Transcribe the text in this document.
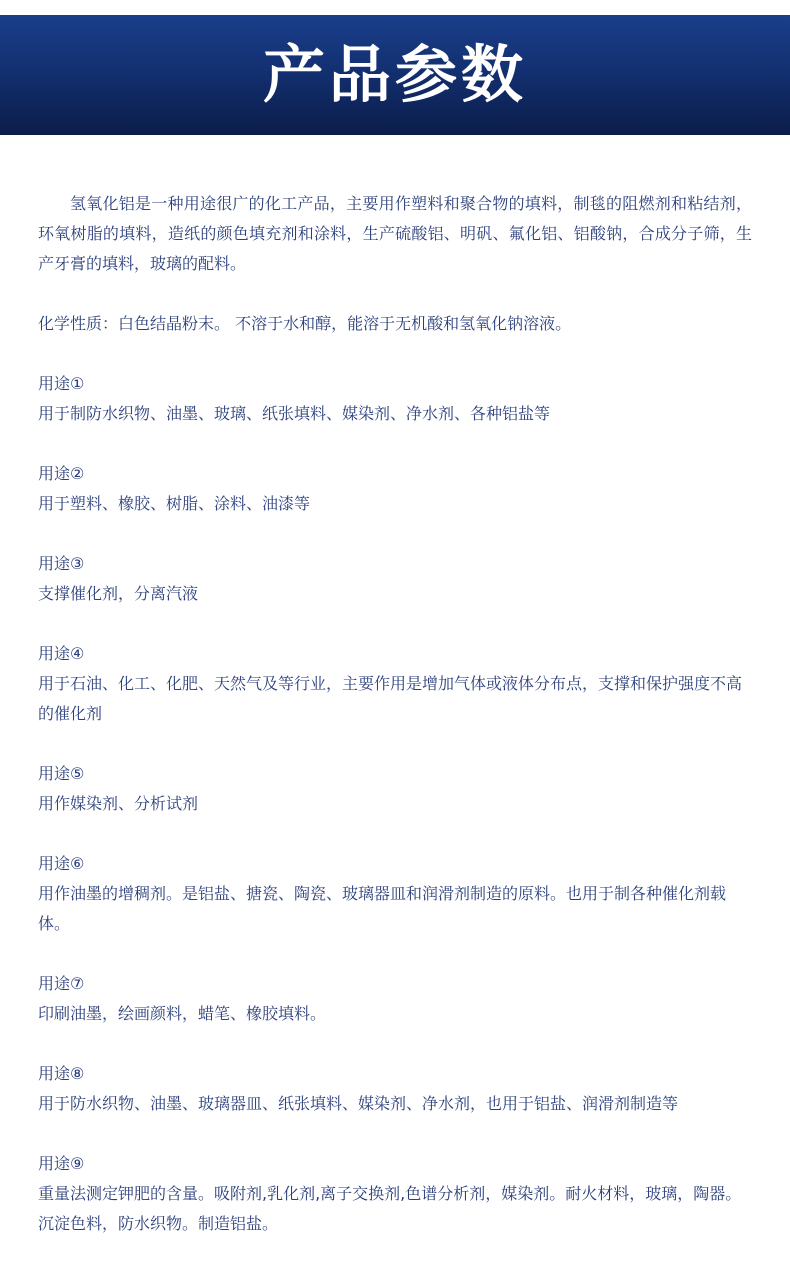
产品参数

氢氧化铝是一种用途很广的化工产品，主要用作塑料和聚合物的填料，制毯的阻燃剂和粘结剂，环氧树脂的填料，造纸的颜色填充剂和涂料，生产硫酸铝、明矾、氟化铝、铝酸钠，合成分子筛，生产牙膏的填料，玻璃的配料。

化学性质：白色结晶粉末。 不溶于水和醇，能溶于无机酸和氢氧化钠溶液。

用途①

用于制防水织物、油墨、玻璃、纸张填料、媒染剂、净水剂、各种铝盐等

用途②

用于塑料、橡胶、树脂、涂料、油漆等

用途③

支撑催化剂，分离汽液

用途④

用于石油、化工、化肥、天然气及等行业，主要作用是增加气体或液体分布点，支撑和保护强度不高的催化剂

用途⑤

用作媒染剂、分析试剂

用途⑥

用作油墨的增稠剂。是铝盐、搪瓷、陶瓷、玻璃器皿和润滑剂制造的原料。也用于制各种催化剂载体。

用途⑦

印刷油墨，绘画颜料，蜡笔、橡胶填料。

用途⑧

用于防水织物、油墨、玻璃器皿、纸张填料、媒染剂、净水剂，也用于铝盐、润滑剂制造等

用途⑨

重量法测定钾肥的含量。吸附剂,乳化剂,离子交换剂,色谱分析剂，媒染剂。耐火材料，玻璃，陶器。沉淀色料，防水织物。制造铝盐。
